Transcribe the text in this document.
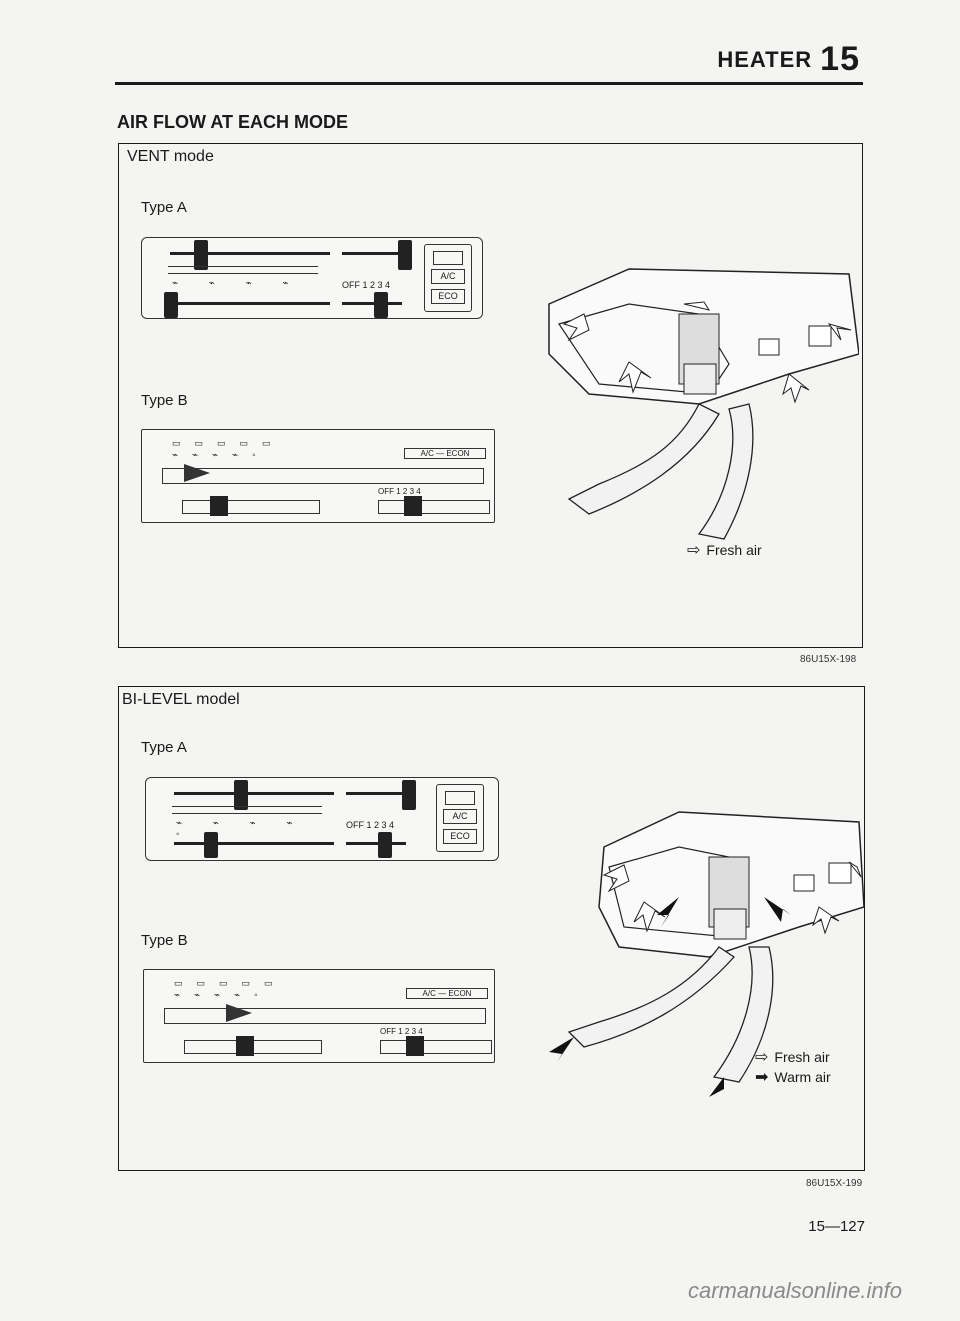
HEATER 15
AIR FLOW AT EACH MODE
VENT mode
Type A
⌁ ⌁ ⌁ ⌁ ◦
OFF 1 2 3 4
A/C
ECO
Type B
▭▭▭▭▭
⌁⌁⌁⌁◦	A/C — ECON
OFF 1 2 3 4
⇨ Fresh air
86U15X-198
BI-LEVEL model
Type A
⌁ ⌁ ⌁ ⌁ ◦
OFF 1 2 3 4
A/C
ECO
Type B
▭▭▭▭▭
⌁⌁⌁⌁◦	A/C — ECON
OFF 1 2 3 4
⇨ Fresh air
➡ Warm air
86U15X-199
15—127
carmanualsonline.info
